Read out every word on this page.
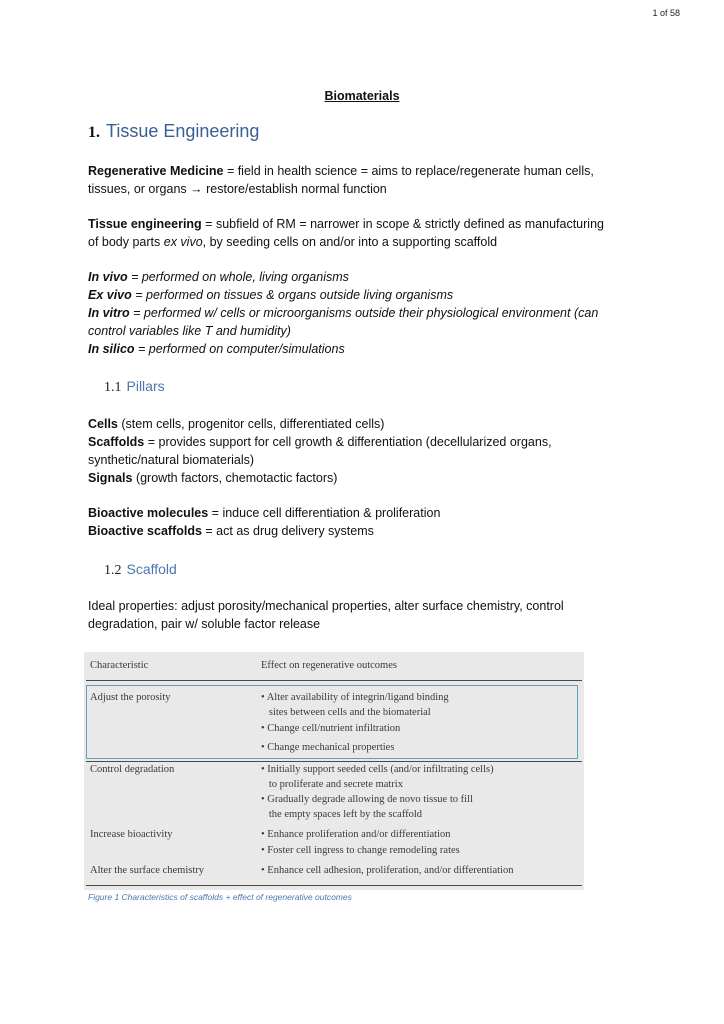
1 of 58
Biomaterials
1. Tissue Engineering
Regenerative Medicine = field in health science = aims to replace/regenerate human cells,
tissues, or organs → restore/establish normal function
Tissue engineering = subfield of RM = narrower in scope & strictly defined as manufacturing
of body parts ex vivo, by seeding cells on and/or into a supporting scaffold
In vivo = performed on whole, living organisms
Ex vivo = performed on tissues & organs outside living organisms
In vitro = performed w/ cells or microorganisms outside their physiological environment (can
control variables like T and humidity)
In silico = performed on computer/simulations
1.1 Pillars
Cells (stem cells, progenitor cells, differentiated cells)
Scaffolds = provides support for cell growth & differentiation (decellularized organs,
synthetic/natural biomaterials)
Signals (growth factors, chemotactic factors)
Bioactive molecules = induce cell differentiation & proliferation
Bioactive scaffolds = act as drug delivery systems
1.2 Scaffold
Ideal properties: adjust porosity/mechanical properties, alter surface chemistry, control
degradation, pair w/ soluble factor release
Characteristic	Effect on regenerative outcomes
Adjust the porosity	• Alter availability of integrin/ligand binding
sites between cells and the biomaterial
• Change cell/nutrient infiltration
• Change mechanical properties
Control degradation	• Initially support seeded cells (and/or infiltrating cells)
to proliferate and secrete matrix
• Gradually degrade allowing de novo tissue to fill
the empty spaces left by the scaffold
Increase bioactivity	• Enhance proliferation and/or differentiation
• Foster cell ingress to change remodeling rates
Alter the surface chemistry	• Enhance cell adhesion, proliferation, and/or differentiation
Figure 1 Characteristics of scaffolds + effect of regenerative outcomes
